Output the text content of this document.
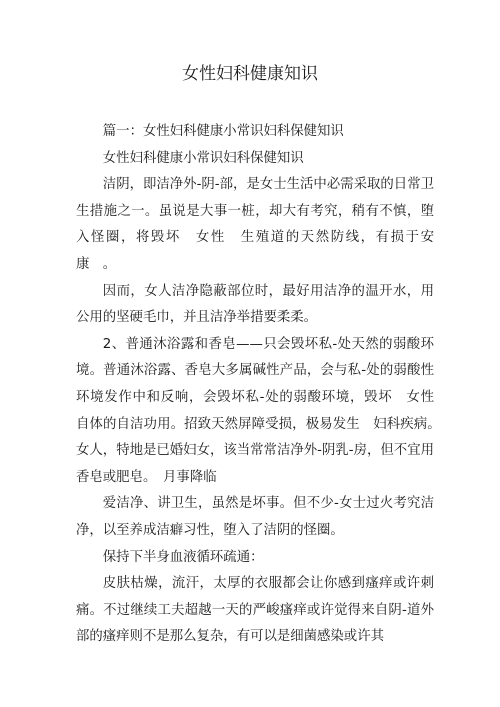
女性妇科健康知识

篇一：女性妇科健康小常识妇科保健知识

女性妇科健康小常识妇科保健知识

洁阴，即洁净外-阴-部，是女士生活中必需采取的日常卫生措施之一。虽说是大事一桩，却大有考究，稍有不慎，堕入怪圈，将毁坏　女性　生殖道的天然防线，有损于安康　。

因而，女人洁净隐蔽部位时，最好用洁净的温开水，用公用的坚硬毛巾，并且洁净举措要柔柔。

2、普通沐浴露和香皂——只会毁坏私-处天然的弱酸环境。普通沐浴露、香皂大多属碱性产品，会与私-处的弱酸性环境发作中和反响，会毁坏私-处的弱酸环境，毁坏　女性　自体的自洁功用。招致天然屏障受损，极易发生　妇科疾病。　女人，特地是已婚妇女，该当常常洁净外-阴乳-房，但不宜用香皂或肥皂。　月事降临

爱洁净、讲卫生，虽然是坏事。但不少-女士过火考究洁净，以至养成洁癖习性，堕入了洁阴的怪圈。

保持下半身血液循环疏通：

皮肤枯燥，流汗，太厚的衣服都会让你感到瘙痒或许刺痛。不过继续工夫超越一天的严峻瘙痒或许觉得来自阴-道外部的瘙痒则不是那么复杂，有可以是细菌感染或许其
